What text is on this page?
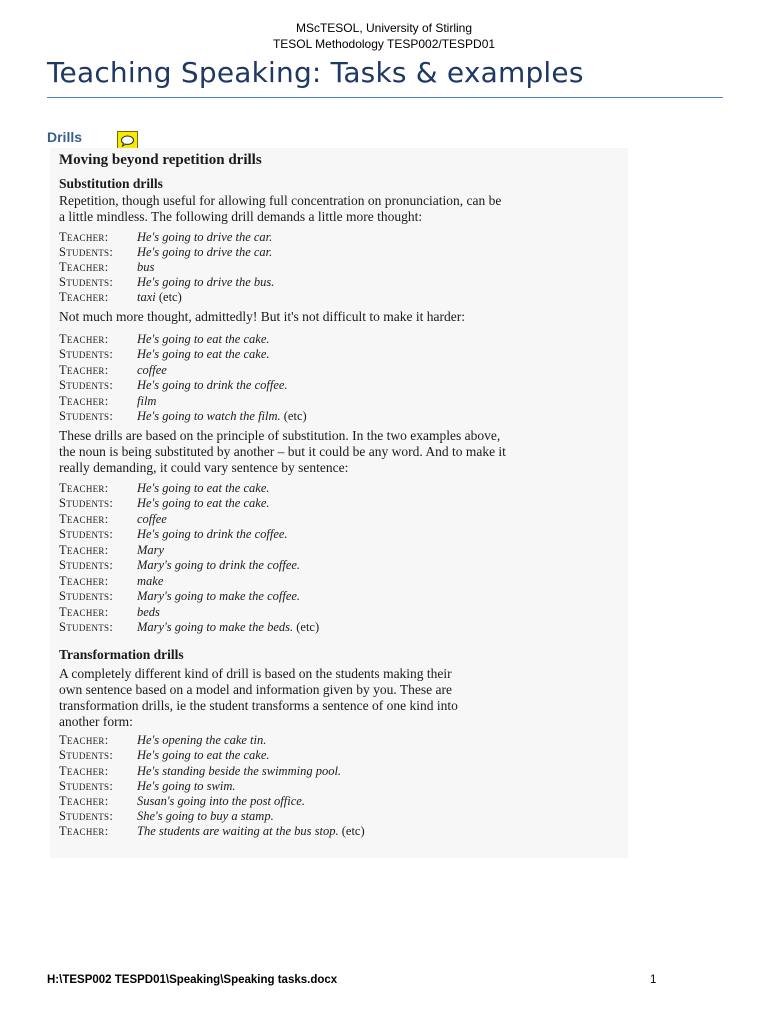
MScTESOL, University of Stirling
TESOL Methodology TESP002/TESPD01
Teaching Speaking: Tasks & examples
Drills
Moving beyond repetition drills
Substitution drills
Repetition, though useful for allowing full concentration on pronunciation, can be
a little mindless. The following drill demands a little more thought:
Teacher: He's going to drive the car.
Students: He's going to drive the car.
Teacher: bus
Students: He's going to drive the bus.
Teacher: taxi (etc)
Not much more thought, admittedly! But it's not difficult to make it harder:
Teacher: He's going to eat the cake.
Students: He's going to eat the cake.
Teacher: coffee
Students: He's going to drink the coffee.
Teacher: film
Students: He's going to watch the film. (etc)
These drills are based on the principle of substitution. In the two examples above,
the noun is being substituted by another – but it could be any word. And to make it
really demanding, it could vary sentence by sentence:
Teacher: He's going to eat the cake.
Students: He's going to eat the cake.
Teacher: coffee
Students: He's going to drink the coffee.
Teacher: Mary
Students: Mary's going to drink the coffee.
Teacher: make
Students: Mary's going to make the coffee.
Teacher: beds
Students: Mary's going to make the beds. (etc)
Transformation drills
A completely different kind of drill is based on the students making their
own sentence based on a model and information given by you. These are
transformation drills, ie the student transforms a sentence of one kind into
another form:
Teacher: He's opening the cake tin.
Students: He's going to eat the cake.
Teacher: He's standing beside the swimming pool.
Students: He's going to swim.
Teacher: Susan's going into the post office.
Students: She's going to buy a stamp.
Teacher: The students are waiting at the bus stop. (etc)
H:\TESP002 TESPD01\Speaking\Speaking tasks.docx	1
